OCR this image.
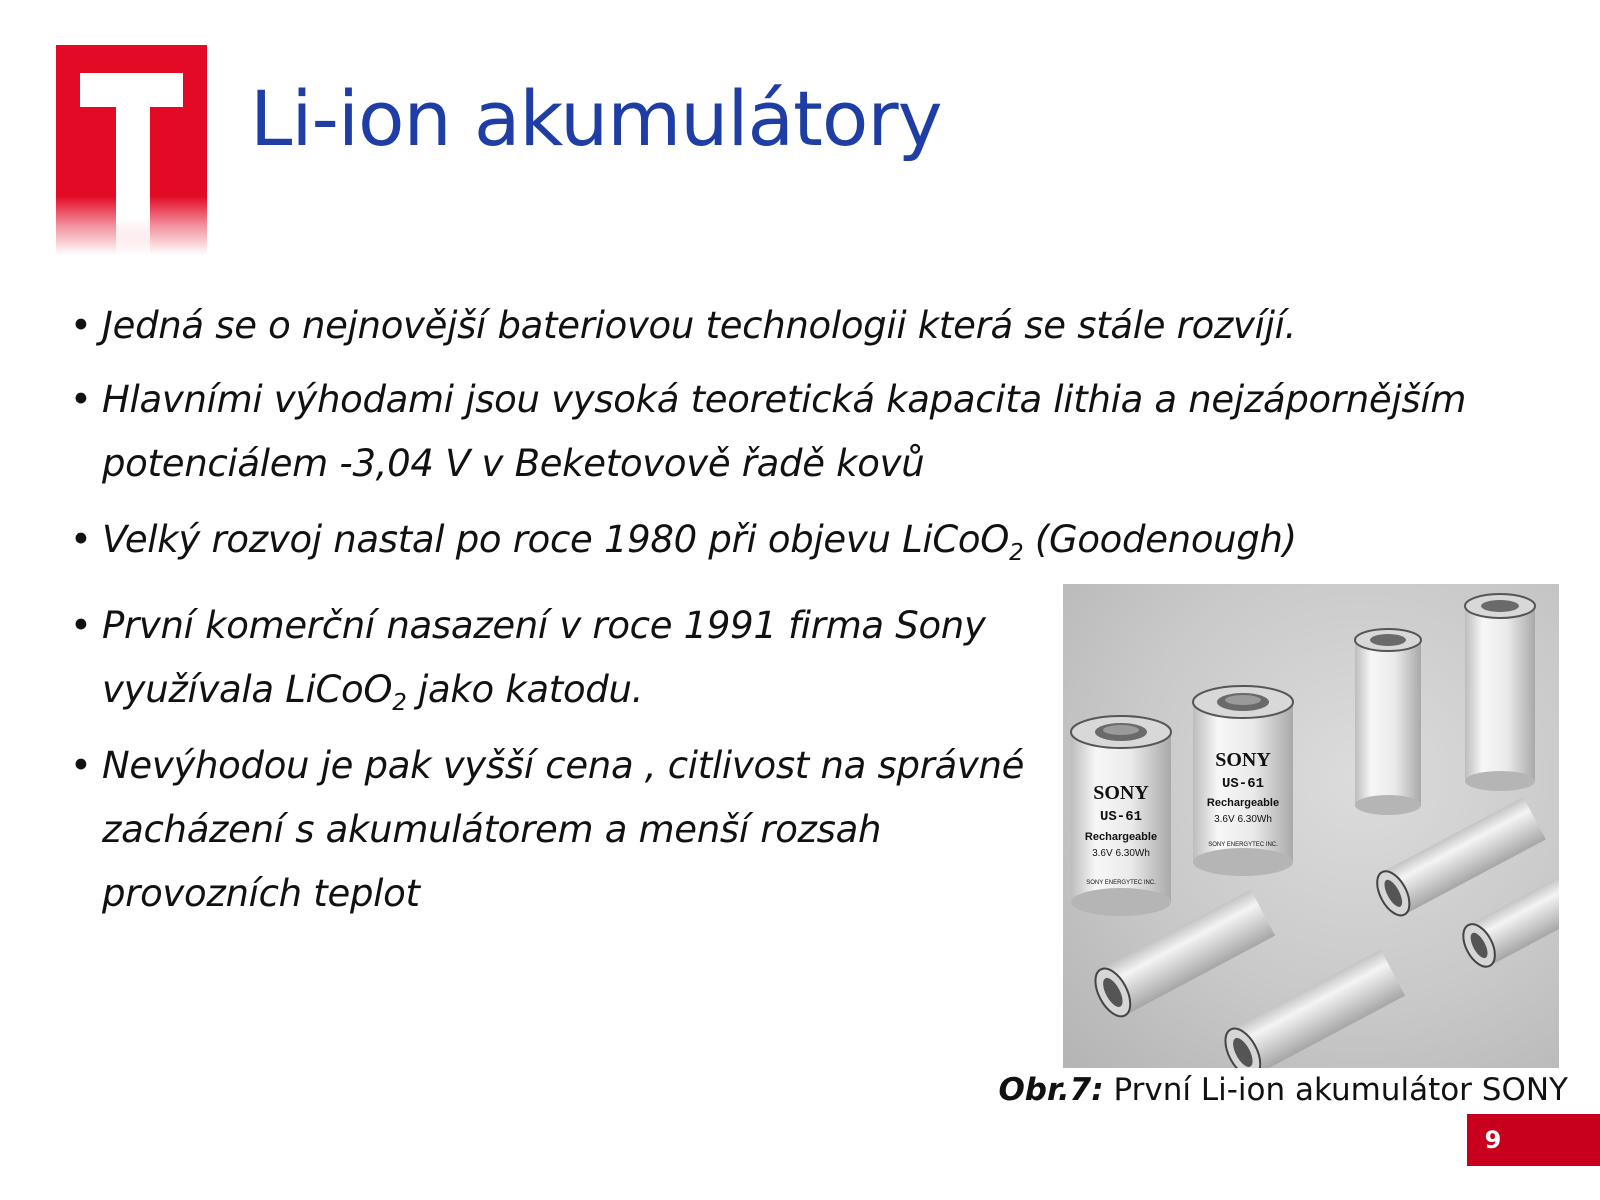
Li-ion akumulátory
• Jedná se o nejnovější bateriovou technologii která se stále rozvíjí.
• Hlavními výhodami jsou vysoká teoretická kapacita lithia a nejzápornějším potenciálem -3,04 V v Beketovově řadě kovů
• Velký rozvoj nastal po roce 1980 při objevu LiCoO$_2$ (Goodenough)
• První komerční nasazení v roce 1991 firma Sony využívala LiCoO$_2$ jako katodu.
• Nevýhodou je pak vyšší cena , citlivost na správné zacházení s akumulátorem a menší rozsah provozních teplot
SONY
US-61
Rechargeable
3.6V 6.30Wh
SONY ENERGYTEC INC.
SONY
US-61
Rechargeable
3.6V 6.30Wh
SONY ENERGYTEC INC.
Obr.7: První Li-ion akumulátor SONY
9
